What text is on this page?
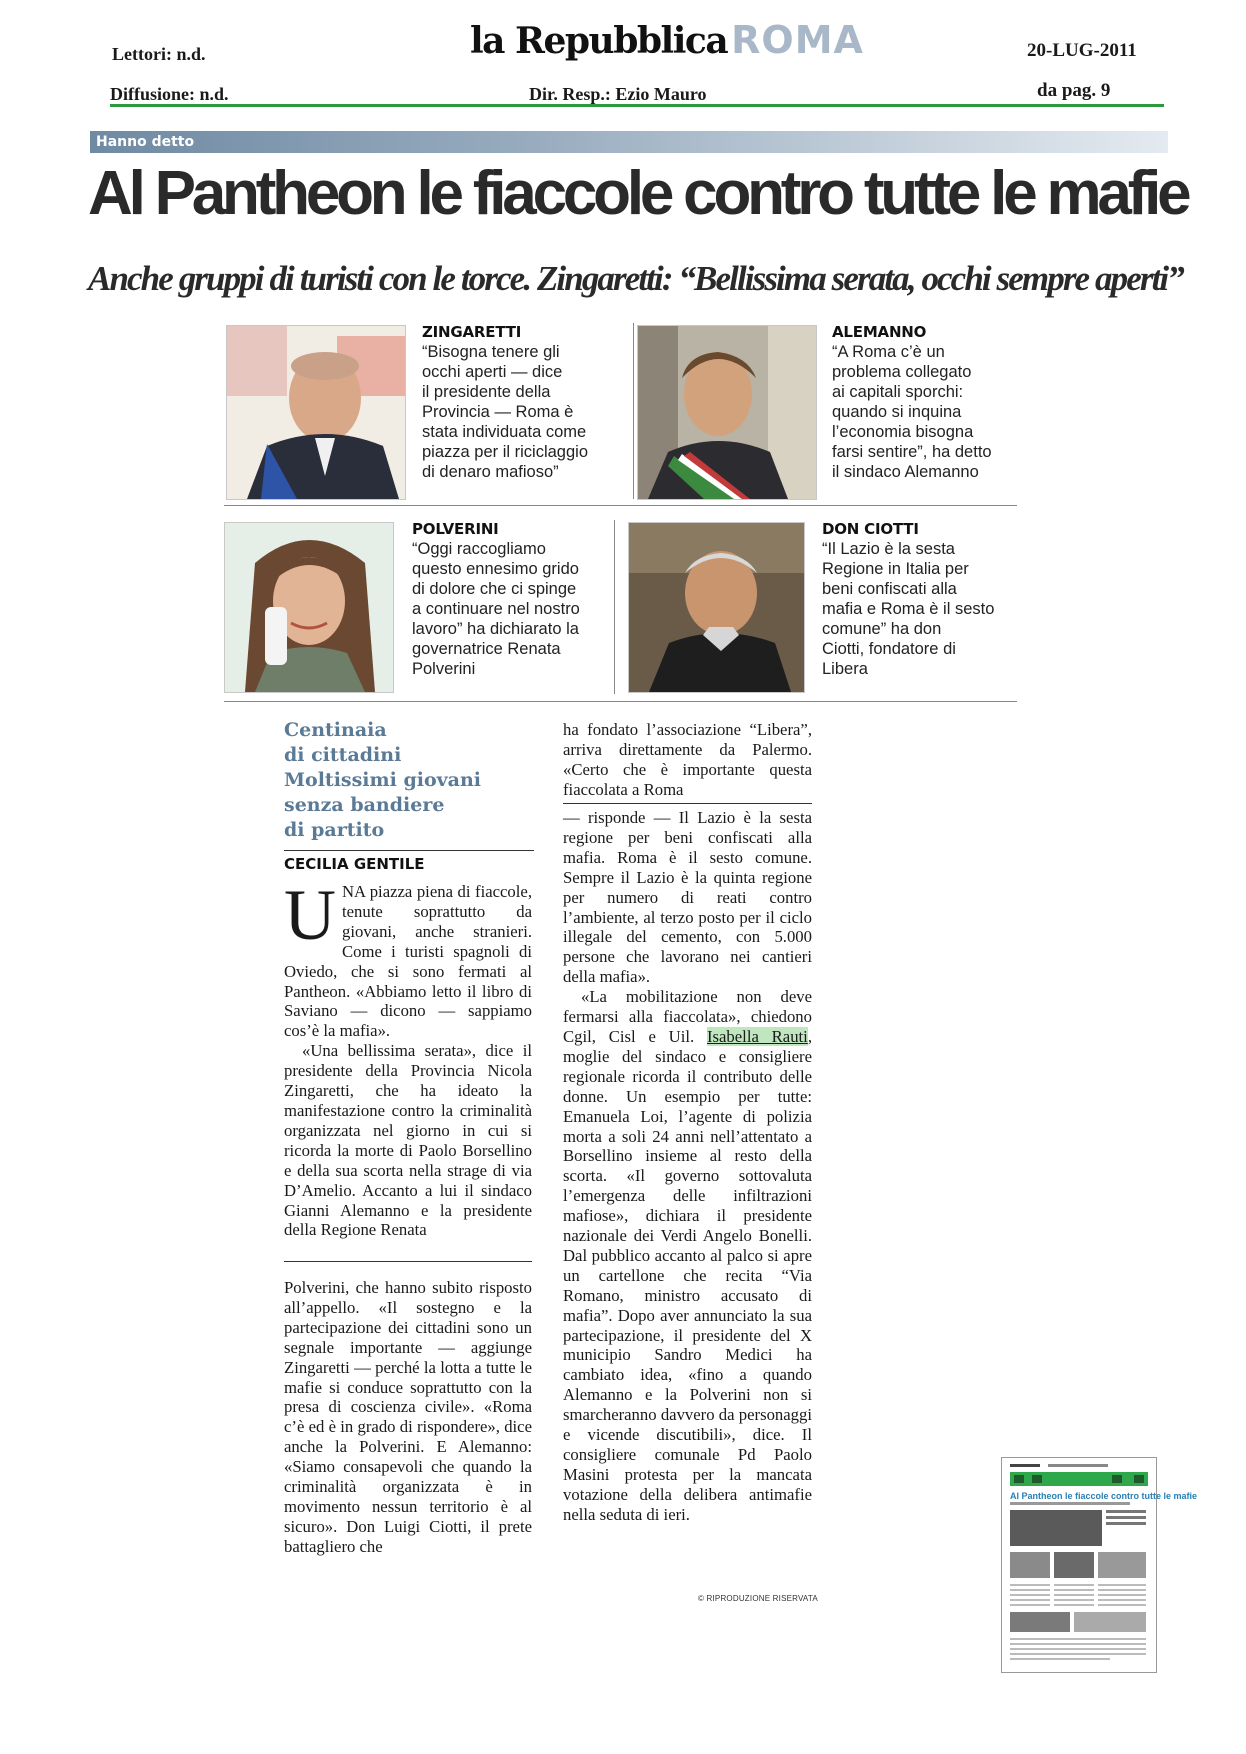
Lettori: n.d.
Diffusione: n.d.
la Repubblica ROMA
Dir. Resp.: Ezio Mauro
20-LUG-2011
da pag. 9
Hanno detto
Al Pantheon le fiaccole contro tutte le mafie
Anche gruppi di turisti con le torce. Zingaretti: “Bellissima serata, occhi sempre aperti”
ZINGARETTI
“Bisogna tenere gli
occhi aperti — dice
il presidente della
Provincia — Roma è
stata individuata come
piazza per il riciclaggio
di denaro mafioso”
ALEMANNO
“A Roma c’è un
problema collegato
ai capitali sporchi:
quando si inquina
l’economia bisogna
farsi sentire”, ha detto
il sindaco Alemanno
POLVERINI
“Oggi raccogliamo
questo ennesimo grido
di dolore che ci spinge
a continuare nel nostro
lavoro” ha dichiarato la
governatrice Renata
Polverini
DON CIOTTI
“Il Lazio è la sesta
Regione in Italia per
beni confiscati alla
mafia e Roma è il sesto
comune” ha don
Ciotti, fondatore di
Libera
Centinaia
di cittadini
Moltissimi giovani
senza bandiere
di partito
CECILIA GENTILE
U NA piazza piena di fiaccole, tenute soprattutto da giovani, anche stranieri. Come i turisti spagnoli di Oviedo, che si sono fermati al Pantheon. «Abbiamo letto il libro di Saviano — dicono — sappiamo cos’è la mafia».

«Una bellissima serata», dice il presidente della Provincia Nicola Zingaretti, che ha ideato la manifestazione contro la criminalità organizzata nel giorno in cui si ricorda la morte di Paolo Borsellino e della sua scorta nella strage di via D’Amelio. Accanto a lui il sindaco Gianni Alemanno e la presidente della Regione Renata

Polverini, che hanno subito risposto all’appello. «Il sostegno e la partecipazione dei cittadini sono un segnale importante — aggiunge Zingaretti — perché la lotta a tutte le mafie si conduce soprattutto con la presa di coscienza civile». «Roma c’è ed è in grado di rispondere», dice anche la Polverini. E Alemanno: «Siamo consapevoli che quando la criminalità organizzata è in movimento nessun territorio è al sicuro». Don Luigi Ciotti, il prete battagliero che

ha fondato l’associazione “Libera”, arriva direttamente da Palermo. «Certo che è importante questa fiaccolata a Roma

— risponde — Il Lazio è la sesta regione per beni confiscati alla mafia. Roma è il sesto comune. Sempre il Lazio è la quinta regione per numero di reati contro l’ambiente, al terzo posto per il ciclo illegale del cemento, con 5.000 persone che lavorano nei cantieri della mafia».

«La mobilitazione non deve fermarsi alla fiaccolata», chiedono Cgil, Cisl e Uil. Isabella Rauti, moglie del sindaco e consigliere regionale ricorda il contributo delle donne. Un esempio per tutte: Emanuela Loi, l’agente di polizia morta a soli 24 anni nell’attentato a Borsellino insieme al resto della scorta. «Il governo sottovaluta l’emergenza delle infiltrazioni mafiose», dichiara il presidente nazionale dei Verdi Angelo Bonelli. Dal pubblico accanto al palco si apre un cartellone che recita “Via Romano, ministro accusato di mafia”. Dopo aver annunciato la sua partecipazione, il presidente del X municipio Sandro Medici ha cambiato idea, «fino a quando Alemanno e la Polverini non si smarcheranno davvero da personaggi e vicende discutibili», dice. Il consigliere comunale Pd Paolo Masini protesta per la mancata votazione della delibera antimafie nella seduta di ieri.

© RIPRODUZIONE RISERVATA
Al Pantheon le fiaccole contro tutte le mafie
